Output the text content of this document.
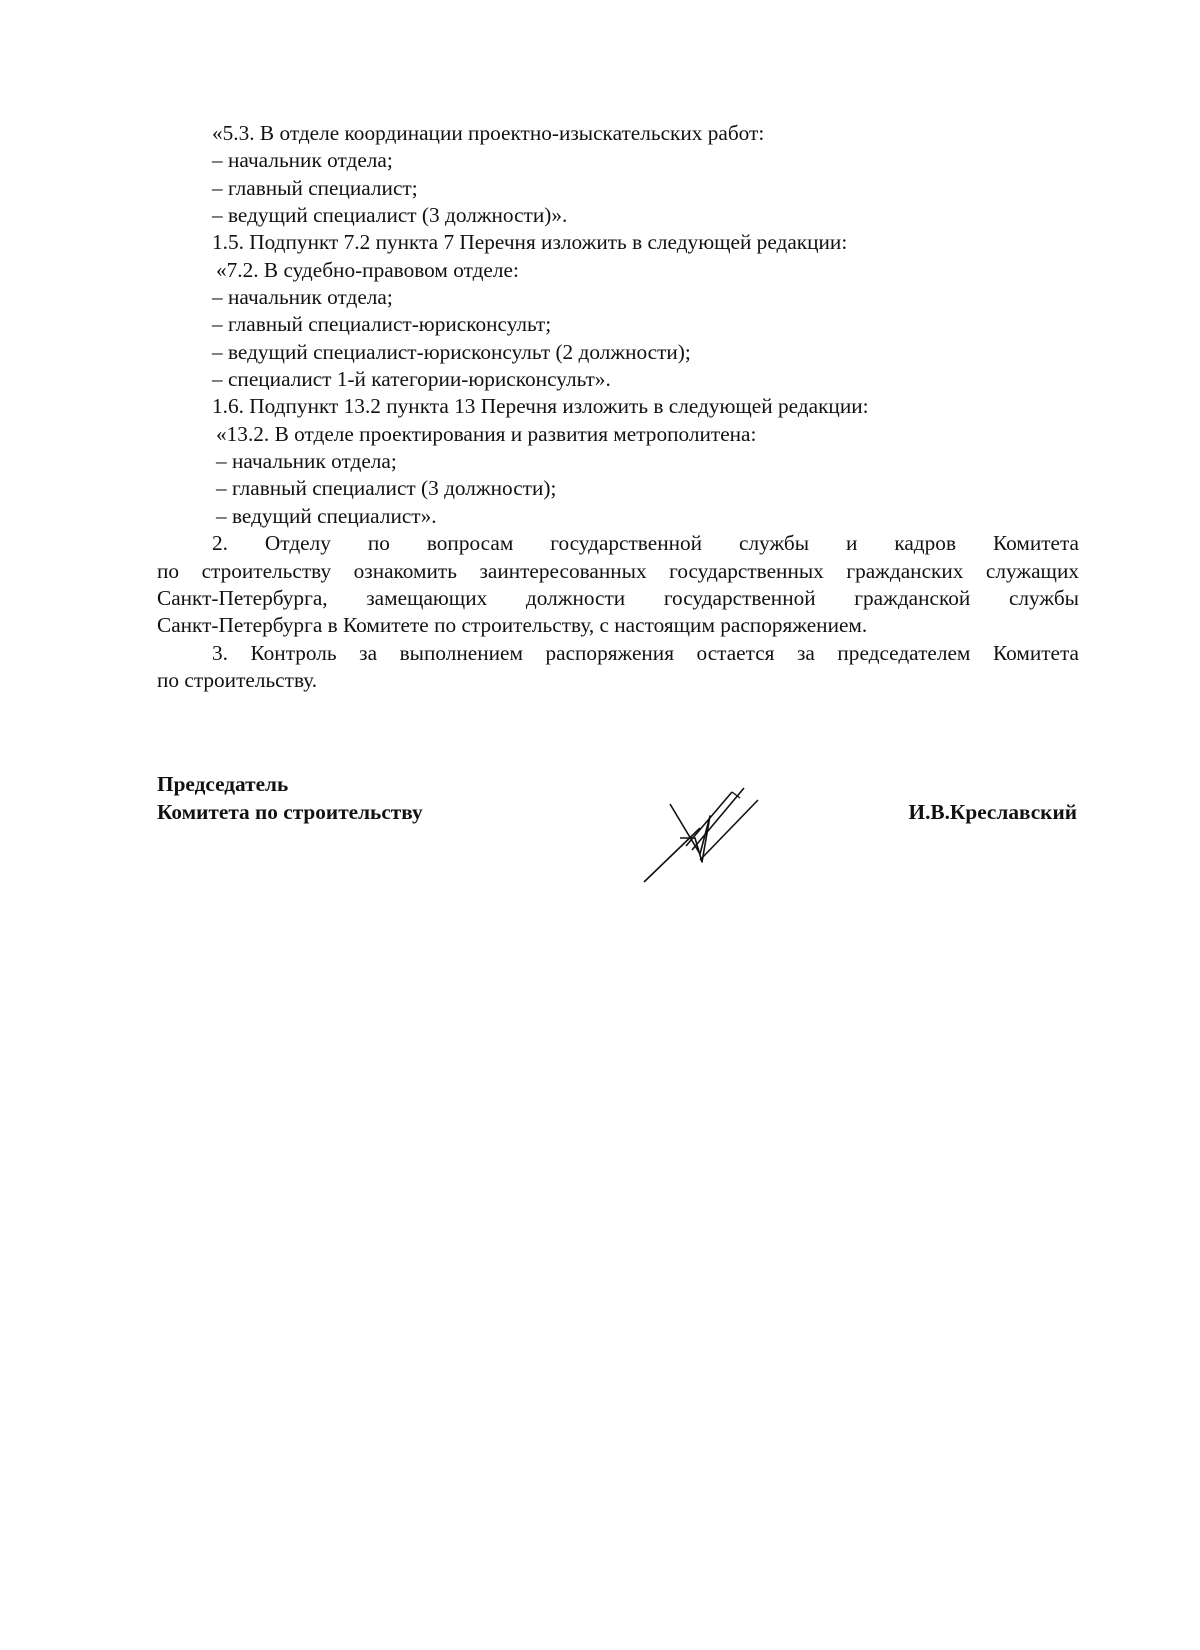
«5.3. В отделе координации проектно-изыскательских работ:
– начальник отдела;
– главный специалист;
– ведущий специалист (3 должности)».
1.5. Подпункт 7.2 пункта 7 Перечня изложить в следующей редакции:
«7.2. В судебно-правовом отделе:
– начальник отдела;
– главный специалист-юрисконсульт;
– ведущий специалист-юрисконсульт (2 должности);
– специалист 1-й категории-юрисконсульт».
1.6. Подпункт 13.2 пункта 13 Перечня изложить в следующей редакции:
«13.2. В отделе проектирования и развития метрополитена:
– начальник отдела;
– главный специалист (3 должности);
– ведущий специалист».
2. Отделу по вопросам государственной службы и кадров Комитета
по строительству ознакомить заинтересованных государственных гражданских служащих
Санкт-Петербурга, замещающих должности государственной гражданской службы
Санкт-Петербурга в Комитете по строительству, с настоящим распоряжением.
3. Контроль за выполнением распоряжения остается за председателем Комитета
по строительству.
Председатель
Комитета по строительству	И.В.Креславский
